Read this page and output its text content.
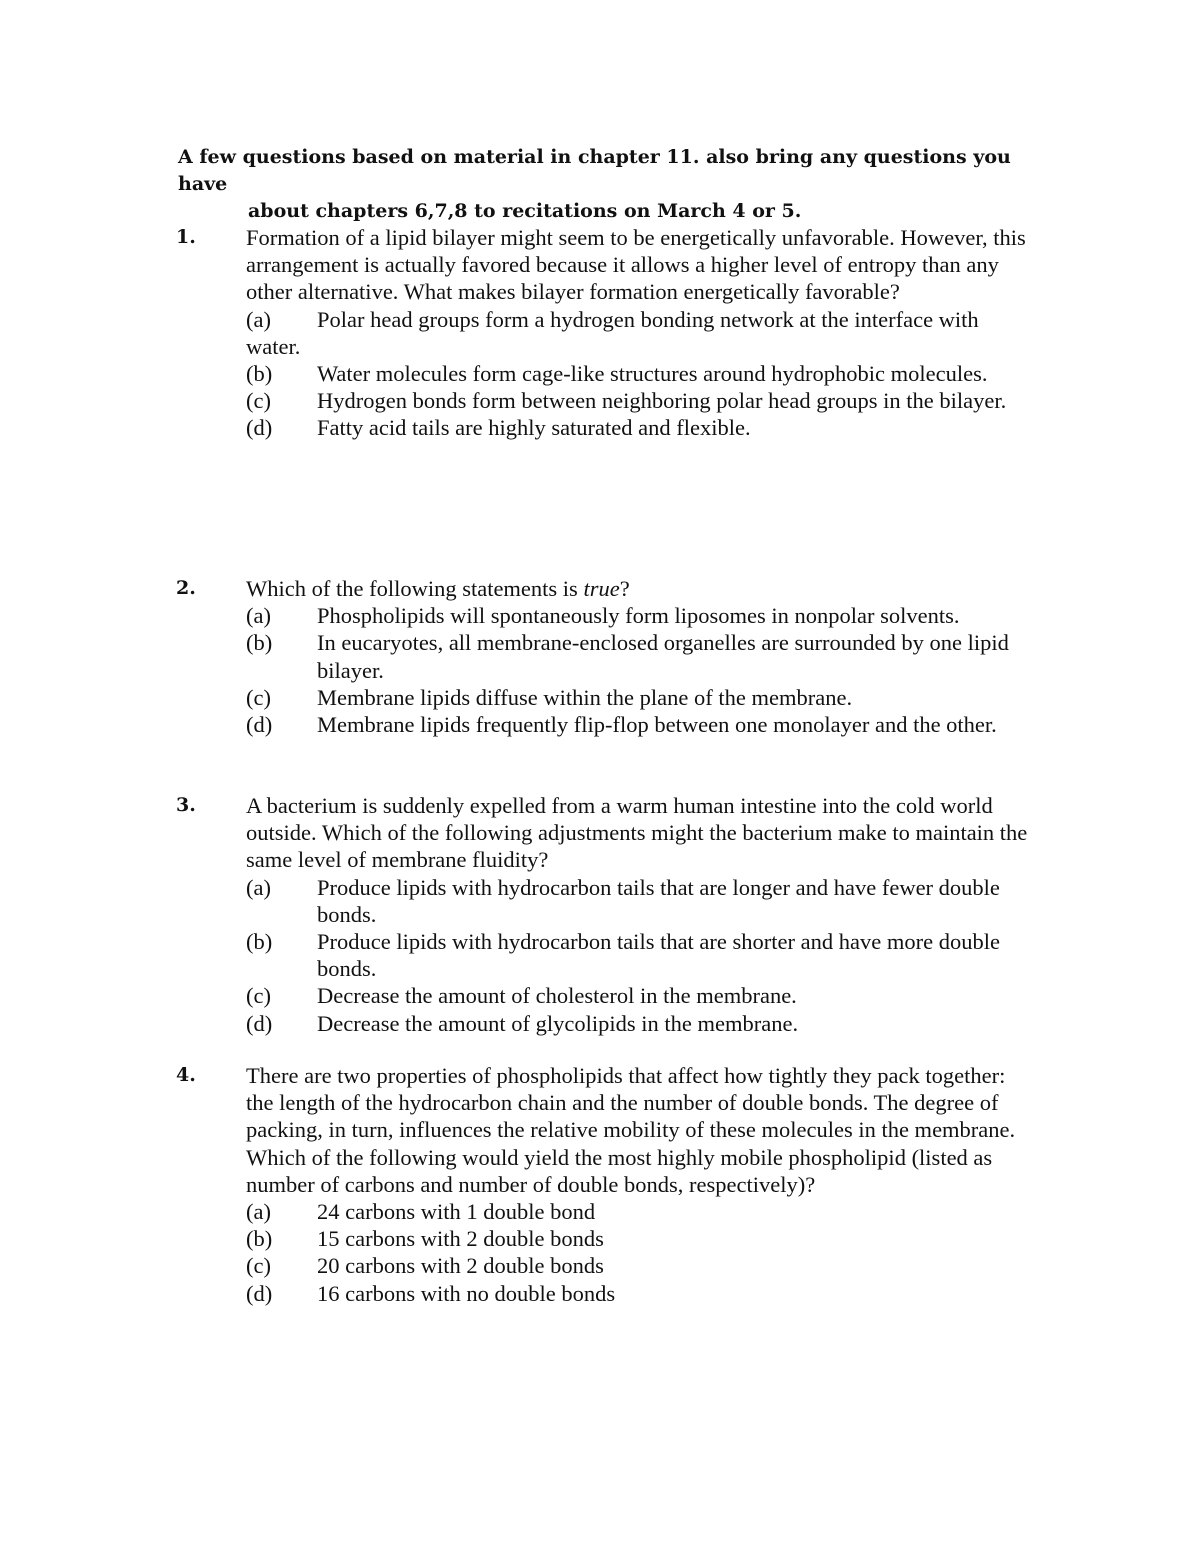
A few questions based on material in chapter 11. also bring any questions you have
about chapters 6,7,8 to recitations on March 4 or 5.
1.	Formation of a lipid bilayer might seem to be energetically unfavorable. However, this arrangement is actually favored because it allows a higher level of entropy than any other alternative. What makes bilayer formation energetically favorable?
(a) Polar head groups form a hydrogen bonding network at the interface with water.
(b) Water molecules form cage-like structures around hydrophobic molecules.
(c) Hydrogen bonds form between neighboring polar head groups in the bilayer.
(d) Fatty acid tails are highly saturated and flexible.
2.	Which of the following statements is true?
(a)	Phospholipids will spontaneously form liposomes in nonpolar solvents.
(b)	In eucaryotes, all membrane-enclosed organelles are surrounded by one lipid bilayer.
(c)	Membrane lipids diffuse within the plane of the membrane.
(d)	Membrane lipids frequently flip-flop between one monolayer and the other.
3.	A bacterium is suddenly expelled from a warm human intestine into the cold world outside. Which of the following adjustments might the bacterium make to maintain the same level of membrane fluidity?
(a)	Produce lipids with hydrocarbon tails that are longer and have fewer double bonds.
(b)	Produce lipids with hydrocarbon tails that are shorter and have more double bonds.
(c)	Decrease the amount of cholesterol in the membrane.
(d)	Decrease the amount of glycolipids in the membrane.
4.	There are two properties of phospholipids that affect how tightly they pack together: the length of the hydrocarbon chain and the number of double bonds. The degree of packing, in turn, influences the relative mobility of these molecules in the membrane. Which of the following would yield the most highly mobile phospholipid (listed as number of carbons and number of double bonds, respectively)?
(a)	24 carbons with 1 double bond
(b)	15 carbons with 2 double bonds
(c)	20 carbons with 2 double bonds
(d)	16 carbons with no double bonds
